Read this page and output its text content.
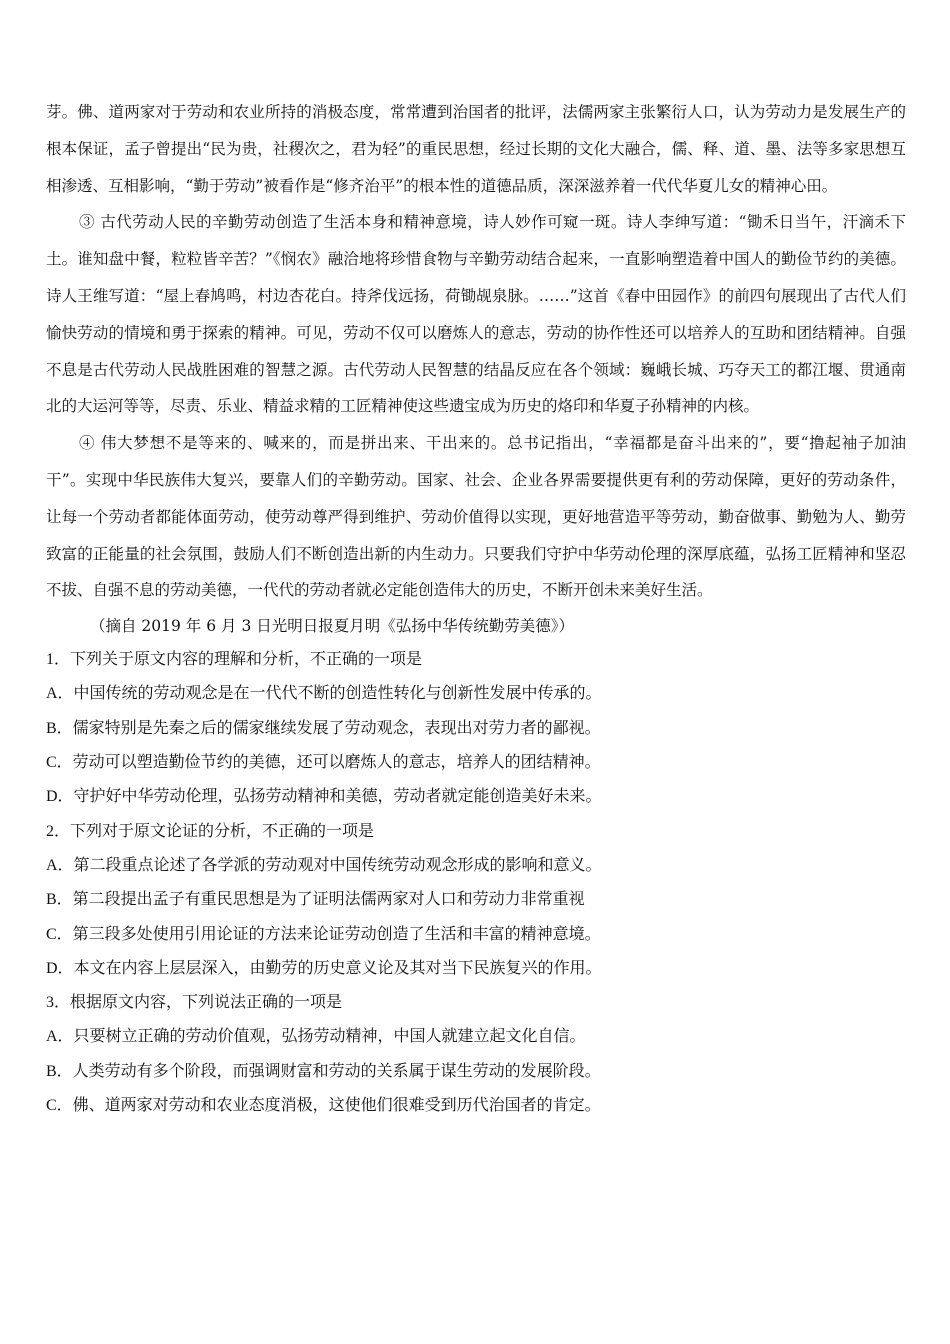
芽。佛、道两家对于劳动和农业所持的消极态度，常常遭到治国者的批评，法儒两家主张繁衍人口，认为劳动力是发展生产的根本保证，孟子曾提出“民为贵，社稷次之，君为轻”的重民思想，经过长期的文化大融合，儒、释、道、墨、法等多家思想互相渗透、互相影响，“勤于劳动”被看作是“修齐治平”的根本性的道德品质，深深滋养着一代代华夏儿女的精神心田。

③ 古代劳动人民的辛勤劳动创造了生活本身和精神意境，诗人妙作可窥一斑。诗人李绅写道：“锄禾日当午，汗滴禾下土。谁知盘中餐，粒粒皆辛苦？”《悯农》融洽地将珍惜食物与辛勤劳动结合起来，一直影响塑造着中国人的勤俭节约的美德。诗人王维写道：“屋上春鸠鸣，村边杏花白。持斧伐远扬，荷锄觇泉脉。……”这首《春中田园作》的前四句展现出了古代人们愉快劳动的情境和勇于探索的精神。可见，劳动不仅可以磨炼人的意志，劳动的协作性还可以培养人的互助和团结精神。自强不息是古代劳动人民战胜困难的智慧之源。古代劳动人民智慧的结晶反应在各个领域：巍峨长城、巧夺天工的都江堰、贯通南北的大运河等等，尽责、乐业、精益求精的工匠精神使这些遗宝成为历史的烙印和华夏子孙精神的内核。

④ 伟大梦想不是等来的、喊来的，而是拼出来、干出来的。总书记指出，“幸福都是奋斗出来的”，要“撸起袖子加油干”。实现中华民族伟大复兴，要靠人们的辛勤劳动。国家、社会、企业各界需要提供更有利的劳动保障，更好的劳动条件，让每一个劳动者都能体面劳动，使劳动尊严得到维护、劳动价值得以实现，更好地营造平等劳动，勤奋做事、勤勉为人、勤劳致富的正能量的社会氛围，鼓励人们不断创造出新的内生动力。只要我们守护中华劳动伦理的深厚底蕴，弘扬工匠精神和坚忍不拔、自强不息的劳动美德，一代代的劳动者就必定能创造伟大的历史，不断开创未来美好生活。

（摘自 2019 年 6 月 3 日光明日报夏月明《弘扬中华传统勤劳美德》）

1．下列关于原文内容的理解和分析，不正确的一项是

A．中国传统的劳动观念是在一代代不断的创造性转化与创新性发展中传承的。

B．儒家特别是先秦之后的儒家继续发展了劳动观念，表现出对劳力者的鄙视。

C．劳动可以塑造勤俭节约的美德，还可以磨炼人的意志，培养人的团结精神。

D．守护好中华劳动伦理，弘扬劳动精神和美德，劳动者就定能创造美好未来。

2．下列对于原文论证的分析，不正确的一项是

A．第二段重点论述了各学派的劳动观对中国传统劳动观念形成的影响和意义。

B．第二段提出孟子有重民思想是为了证明法儒两家对人口和劳动力非常重视

C．第三段多处使用引用论证的方法来论证劳动创造了生活和丰富的精神意境。

D．本文在内容上层层深入，由勤劳的历史意义论及其对当下民族复兴的作用。

3．根据原文内容，下列说法正确的一项是

A．只要树立正确的劳动价值观，弘扬劳动精神，中国人就建立起文化自信。

B．人类劳动有多个阶段，而强调财富和劳动的关系属于谋生劳动的发展阶段。

C．佛、道两家对劳动和农业态度消极，这使他们很难受到历代治国者的肯定。
